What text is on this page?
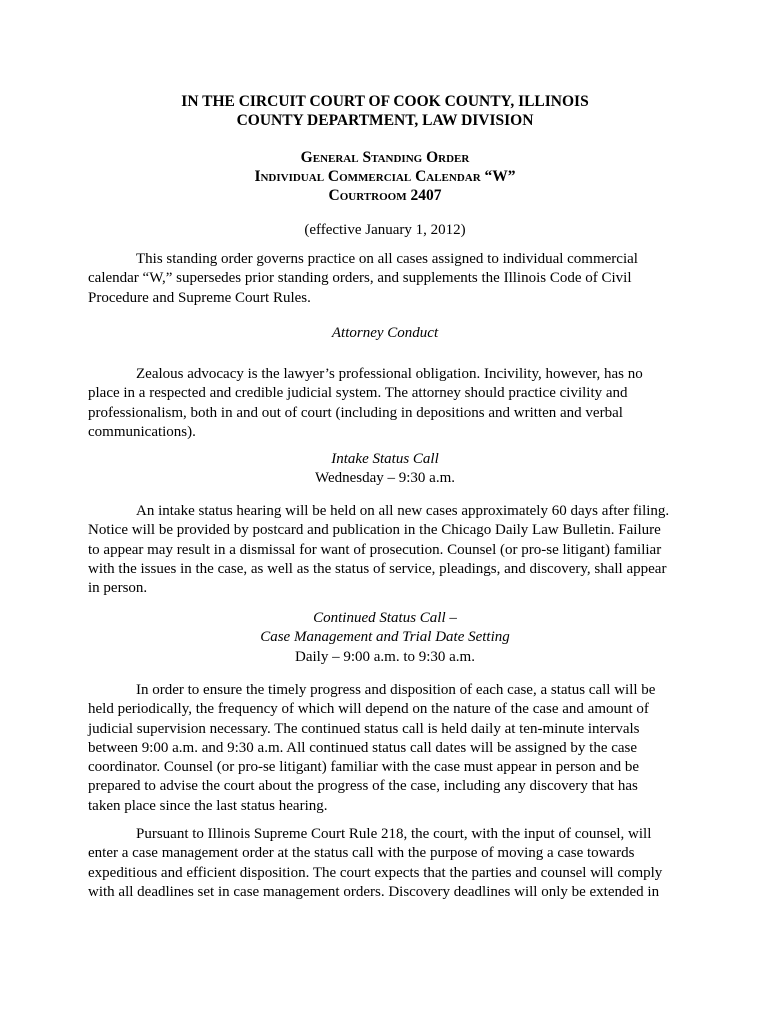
IN THE CIRCUIT COURT OF COOK COUNTY, ILLINOIS
COUNTY DEPARTMENT, LAW DIVISION
General Standing Order
Individual Commercial Calendar “W”
Courtroom 2407
(effective January 1, 2012)
This standing order governs practice on all cases assigned to individual commercial
calendar “W,” supersedes prior standing orders, and supplements the Illinois Code of Civil
Procedure and Supreme Court Rules.
Attorney Conduct
Zealous advocacy is the lawyer’s professional obligation. Incivility, however, has no
place in a respected and credible judicial system. The attorney should practice civility and
professionalism, both in and out of court (including in depositions and written and verbal
communications).
Intake Status Call
Wednesday – 9:30 a.m.
An intake status hearing will be held on all new cases approximately 60 days after filing.
Notice will be provided by postcard and publication in the Chicago Daily Law Bulletin. Failure
to appear may result in a dismissal for want of prosecution. Counsel (or pro-se litigant) familiar
with the issues in the case, as well as the status of service, pleadings, and discovery, shall appear
in person.
Continued Status Call –
Case Management and Trial Date Setting
Daily – 9:00 a.m. to 9:30 a.m.
In order to ensure the timely progress and disposition of each case, a status call will be
held periodically, the frequency of which will depend on the nature of the case and amount of
judicial supervision necessary. The continued status call is held daily at ten-minute intervals
between 9:00 a.m. and 9:30 a.m. All continued status call dates will be assigned by the case
coordinator. Counsel (or pro-se litigant) familiar with the case must appear in person and be
prepared to advise the court about the progress of the case, including any discovery that has
taken place since the last status hearing.
Pursuant to Illinois Supreme Court Rule 218, the court, with the input of counsel, will
enter a case management order at the status call with the purpose of moving a case towards
expeditious and efficient disposition. The court expects that the parties and counsel will comply
with all deadlines set in case management orders. Discovery deadlines will only be extended in
